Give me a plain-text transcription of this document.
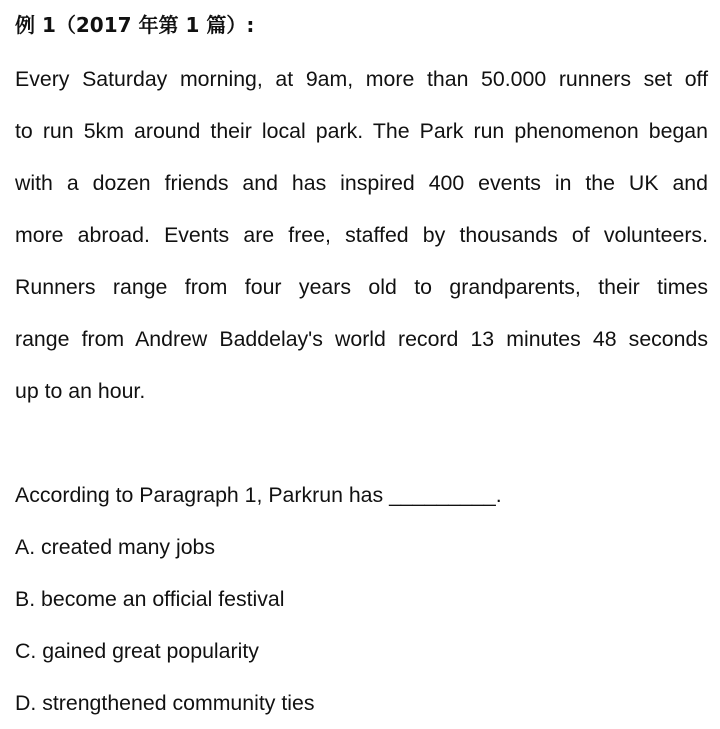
例 1（2017 年第 1 篇）:
Every Saturday morning, at 9am, more than 50.000 runners set off
to run 5km around their local park. The Park run phenomenon began
with a dozen friends and has inspired 400 events in the UK and
more abroad. Events are free, staffed by thousands of volunteers.
Runners range from four years old to grandparents, their times
range from Andrew Baddelay's world record 13 minutes 48 seconds
up to an hour.
According to Paragraph 1, Parkrun has _________.
A. created many jobs
B. become an official festival
C. gained great popularity
D. strengthened community ties
